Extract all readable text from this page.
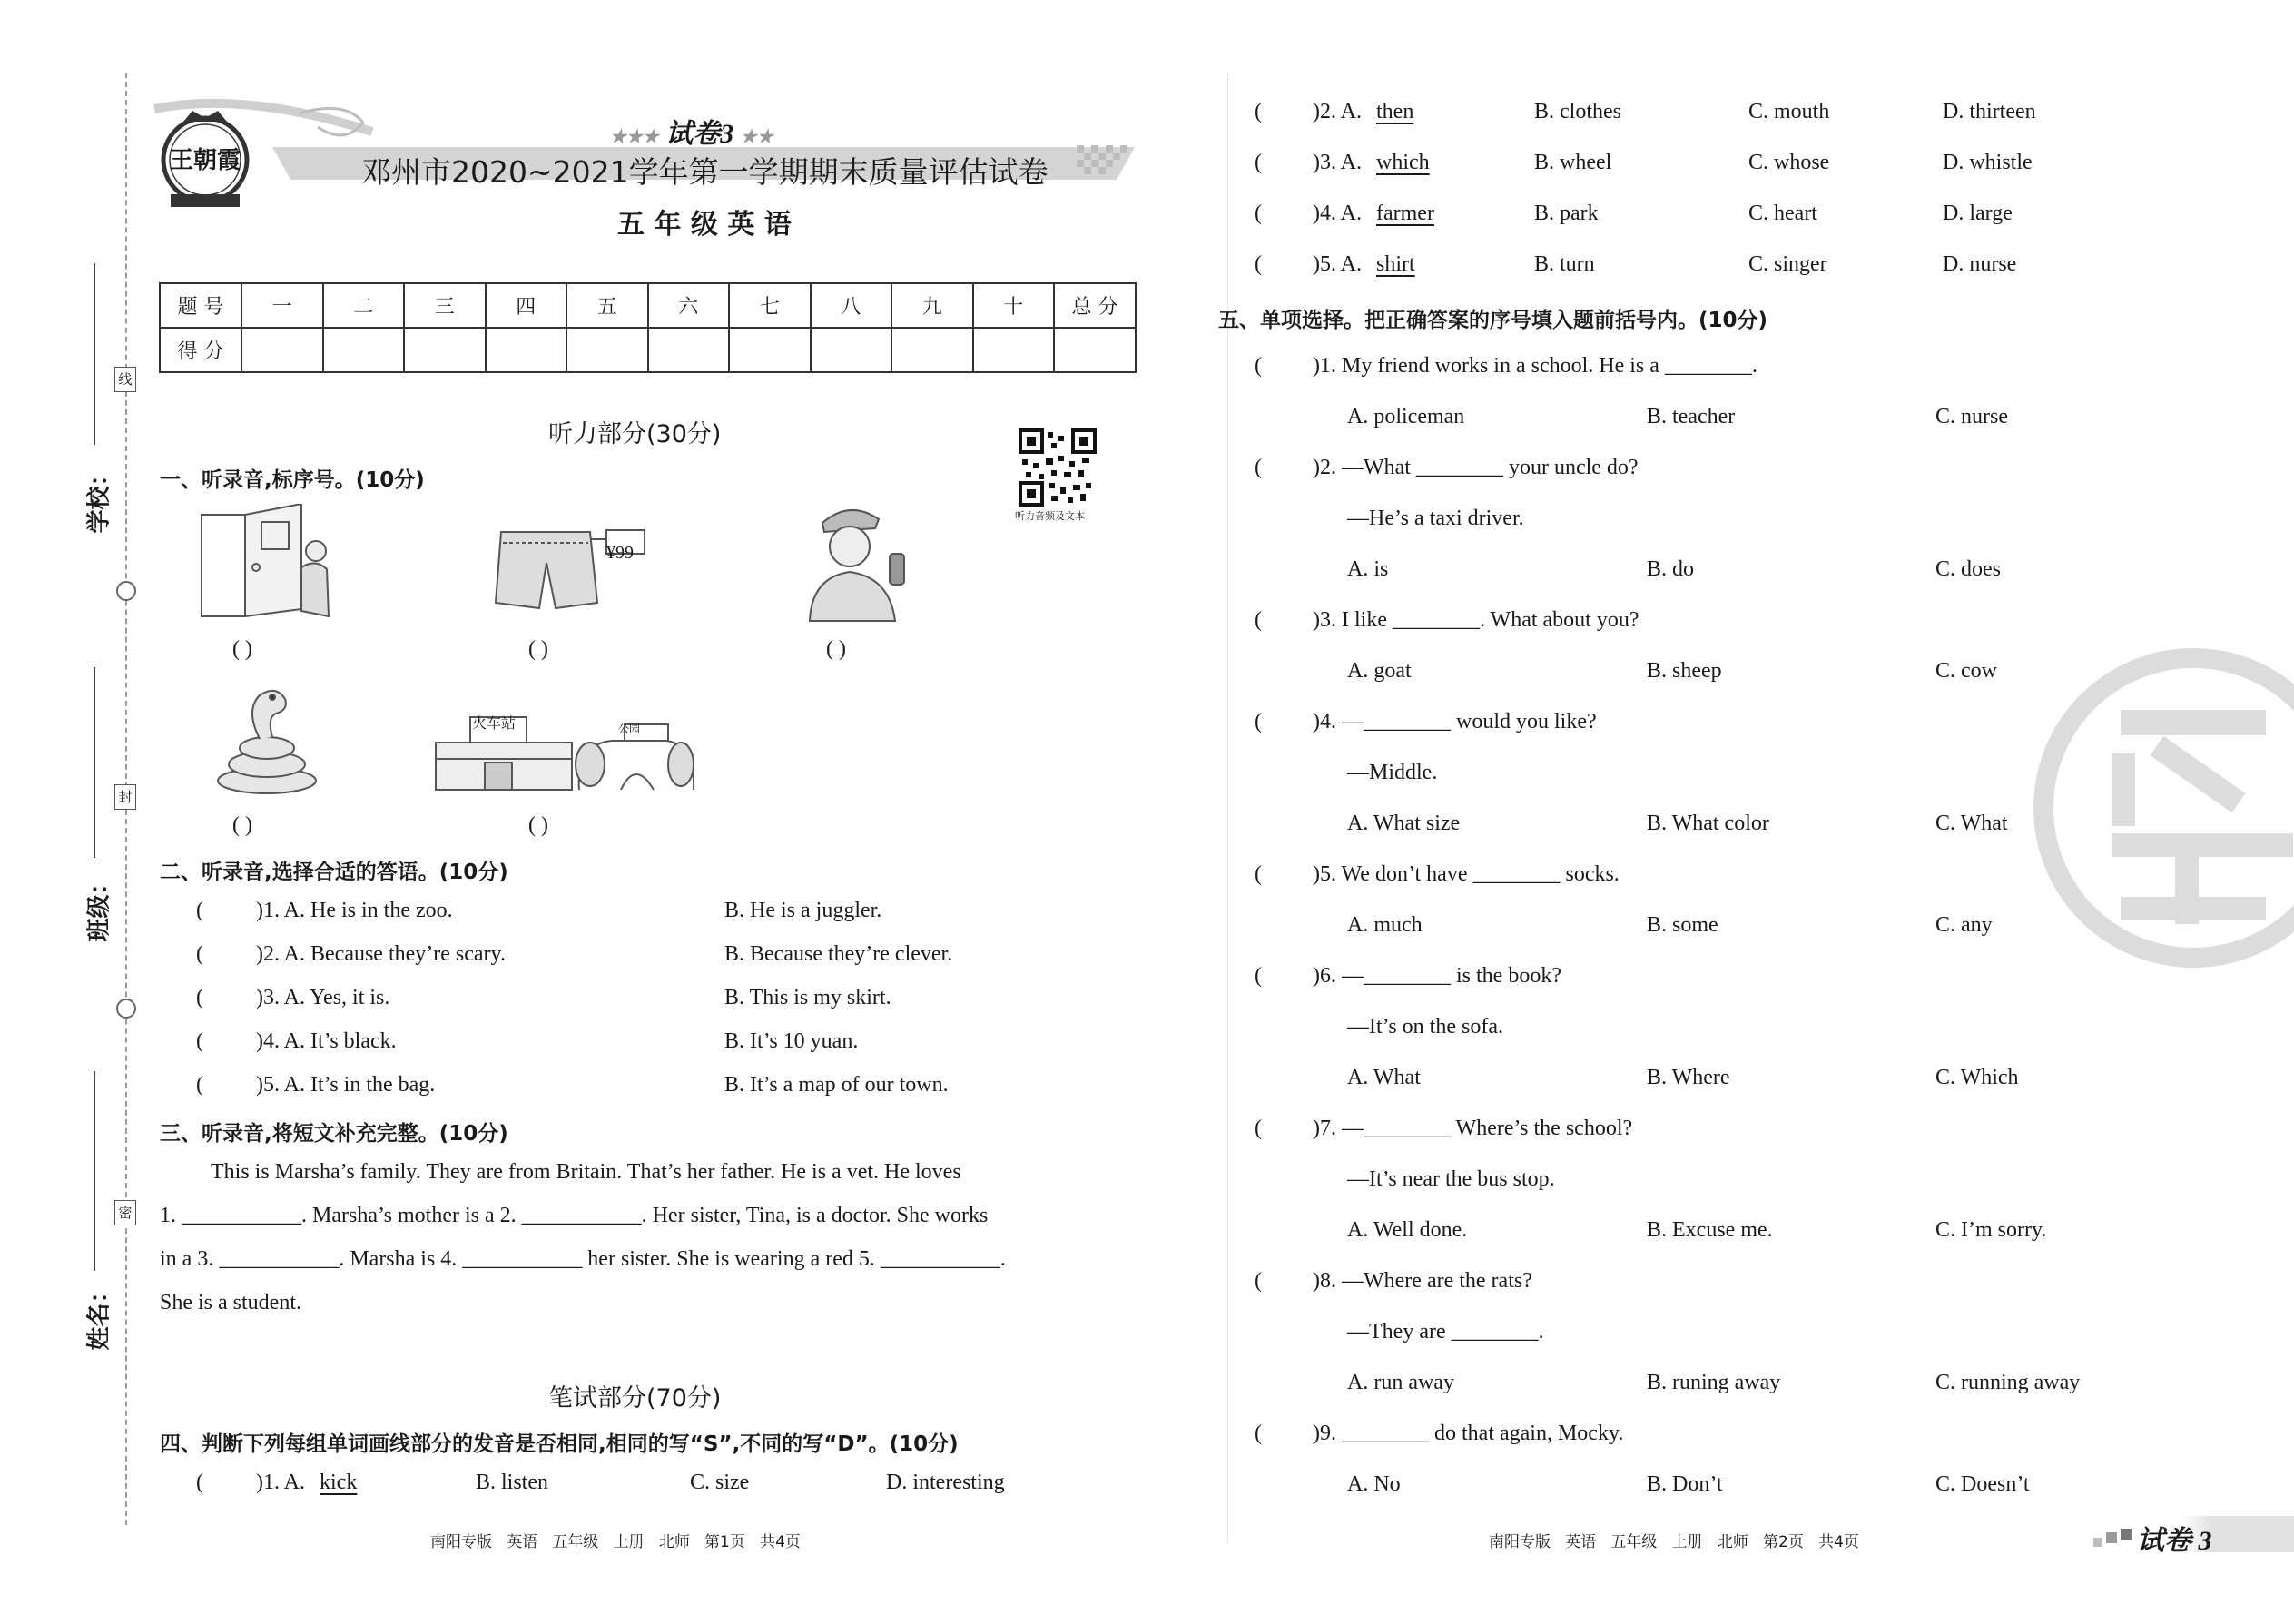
学校：
班级：
姓名：
线
封
密
王朝霞
★★★ 试卷3 ★★
邓州市2020~2021学年第一学期期末质量评估试卷
五 年 级 英 语
题 号	一	二	三	四	五	六	七	八	九	十	总 分
得 分											
听力部分(30分)
听力音频及文本
一、听录音,标序号。(10分)
( )
¥99
( )	( )
( )
火车站	公园
( )
二、听录音,选择合适的答语。(10分)
( )1. A. He is in the zoo.	B. He is a juggler.
( )2. A. Because they’re scary.	B. Because they’re clever.
( )3. A. Yes, it is.	B. This is my skirt.
( )4. A. It’s black.	B. It’s 10 yuan.
( )5. A. It’s in the bag.	B. It’s a map of our town.
三、听录音,将短文补充完整。(10分)
This is Marsha’s family. They are from Britain. That’s her father. He is a vet. He loves
1. ___________. Marsha’s mother is a 2. ___________. Her sister, Tina, is a doctor. She works
in a 3. ___________. Marsha is 4. ___________ her sister. She is wearing a red 5. ___________.
She is a student.
笔试部分(70分)
四、判断下列每组单词画线部分的发音是否相同,相同的写“S”,不同的写“D”。(10分)
( )1. A. kick	B. listen	C. size	D. interesting
( )2. A. then	B. clothes	C. mouth	D. thirteen
( )3. A. which	B. wheel	C. whose	D. whistle
( )4. A. farmer	B. park	C. heart	D. large
( )5. A. shirt	B. turn	C. singer	D. nurse
五、单项选择。把正确答案的序号填入题前括号内。(10分)
( )1. My friend works in a school. He is a ________.
A. policeman	B. teacher	C. nurse
( )2. —What ________ your uncle do?
—He’s a taxi driver.
A. is	B. do	C. does
( )3. I like ________. What about you?
A. goat	B. sheep	C. cow
( )4. —________ would you like?
—Middle.
A. What size	B. What color	C. What
( )5. We don’t have ________ socks.
A. much	B. some	C. any
( )6. —________ is the book?
—It’s on the sofa.
A. What	B. Where	C. Which
( )7. —________ Where’s the school?
—It’s near the bus stop.
A. Well done.	B. Excuse me.	C. I’m sorry.
( )8. —Where are the rats?
—They are ________.
A. run away	B. runing away	C. running away
( )9. ________ do that again, Mocky.
A. No	B. Don’t	C. Doesn’t
南阳专版   英语   五年级   上册   北师   第1页   共4页	南阳专版   英语   五年级   上册   北师   第2页   共4页	试卷 3
